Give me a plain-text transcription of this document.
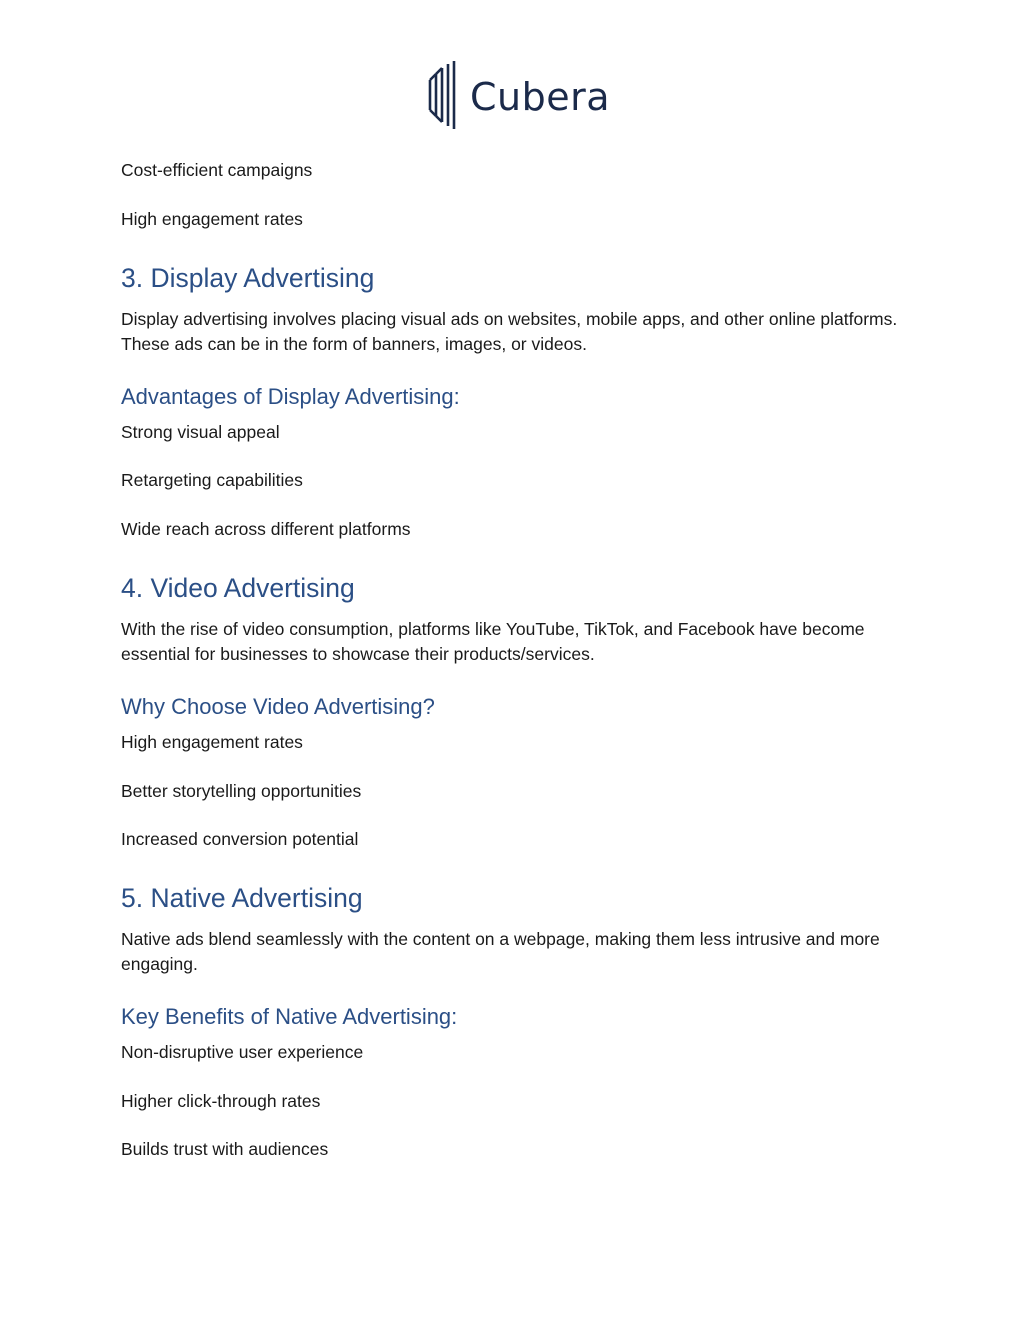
Cubera
Cost-efficient campaigns
High engagement rates
3. Display Advertising
Display advertising involves placing visual ads on websites, mobile apps, and other online platforms. These ads can be in the form of banners, images, or videos.
Advantages of Display Advertising:
Strong visual appeal
Retargeting capabilities
Wide reach across different platforms
4. Video Advertising
With the rise of video consumption, platforms like YouTube, TikTok, and Facebook have become essential for businesses to showcase their products/services.
Why Choose Video Advertising?
High engagement rates
Better storytelling opportunities
Increased conversion potential
5. Native Advertising
Native ads blend seamlessly with the content on a webpage, making them less intrusive and more engaging.
Key Benefits of Native Advertising:
Non-disruptive user experience
Higher click-through rates
Builds trust with audiences
